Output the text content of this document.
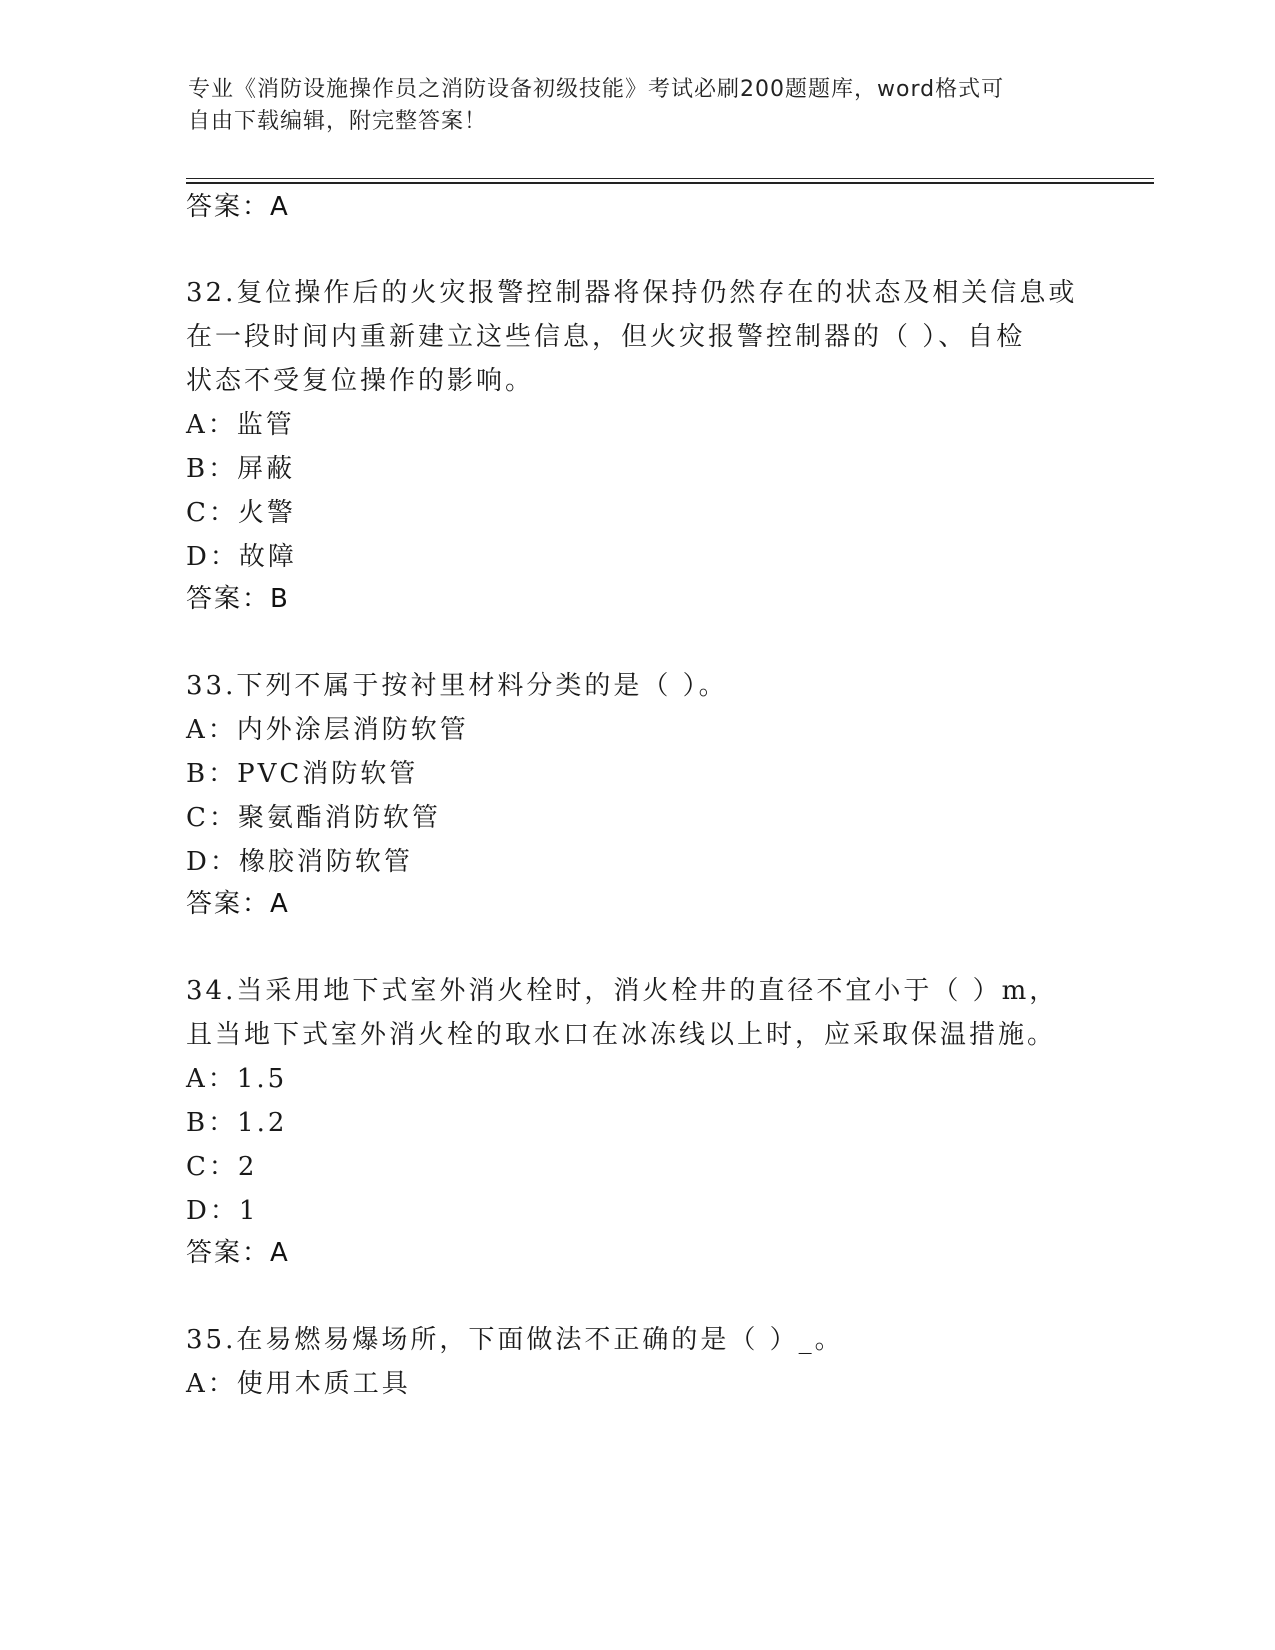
专业《消防设施操作员之消防设备初级技能》考试必刷200题题库，word格式可
自由下载编辑，附完整答案！
答案：A
32.复位操作后的火灾报警控制器将保持仍然存在的状态及相关信息或
在一段时间内重新建立这些信息，但火灾报警控制器的（ ）、自检
状态不受复位操作的影响。
A：监管
B：屏蔽
C：火警
D：故障
答案：B
33.下列不属于按衬里材料分类的是（ ）。
A：内外涂层消防软管
B：PVC消防软管
C：聚氨酯消防软管
D：橡胶消防软管
答案：A
34.当采用地下式室外消火栓时，消火栓井的直径不宜小于（ ）m，
且当地下式室外消火栓的取水口在冰冻线以上时，应采取保温措施。
A：1.5
B：1.2
C：2
D：1
答案：A
35.在易燃易爆场所，下面做法不正确的是（ ）_。
A：使用木质工具
